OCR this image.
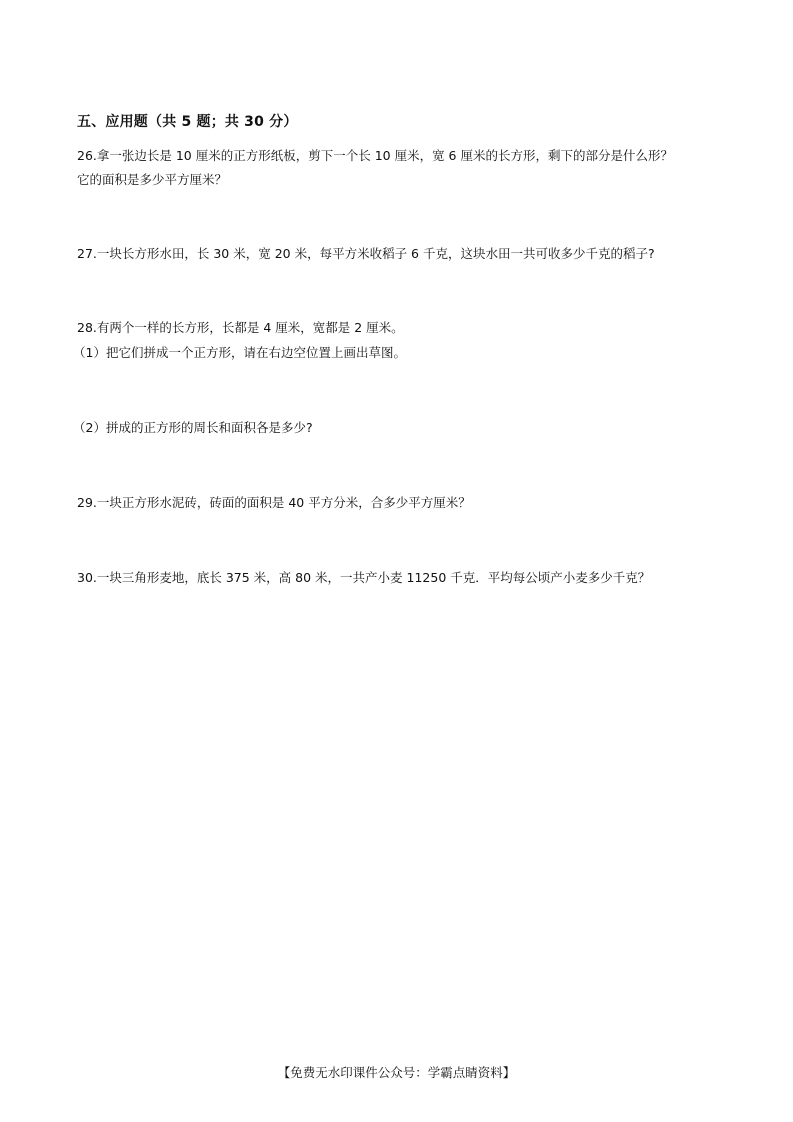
五、应用题（共 5 题；共 30 分）
26.拿一张边长是 10 厘米的正方形纸板，剪下一个长 10 厘米，宽 6 厘米的长方形，剩下的部分是什么形？
它的面积是多少平方厘米？
27.一块长方形水田，长 30 米，宽 20 米，每平方米收稻子 6 千克，这块水田一共可收多少千克的稻子?
28.有两个一样的长方形，长都是 4 厘米，宽都是 2 厘米。
（1）把它们拼成一个正方形，请在右边空位置上画出草图。
（2）拼成的正方形的周长和面积各是多少?
29.一块正方形水泥砖，砖面的面积是 40 平方分米，合多少平方厘米？
30.一块三角形麦地，底长 375 米，高 80 米，一共产小麦 11250 千克．平均每公顷产小麦多少千克？
【免费无水印课件公众号：学霸点睛资料】
